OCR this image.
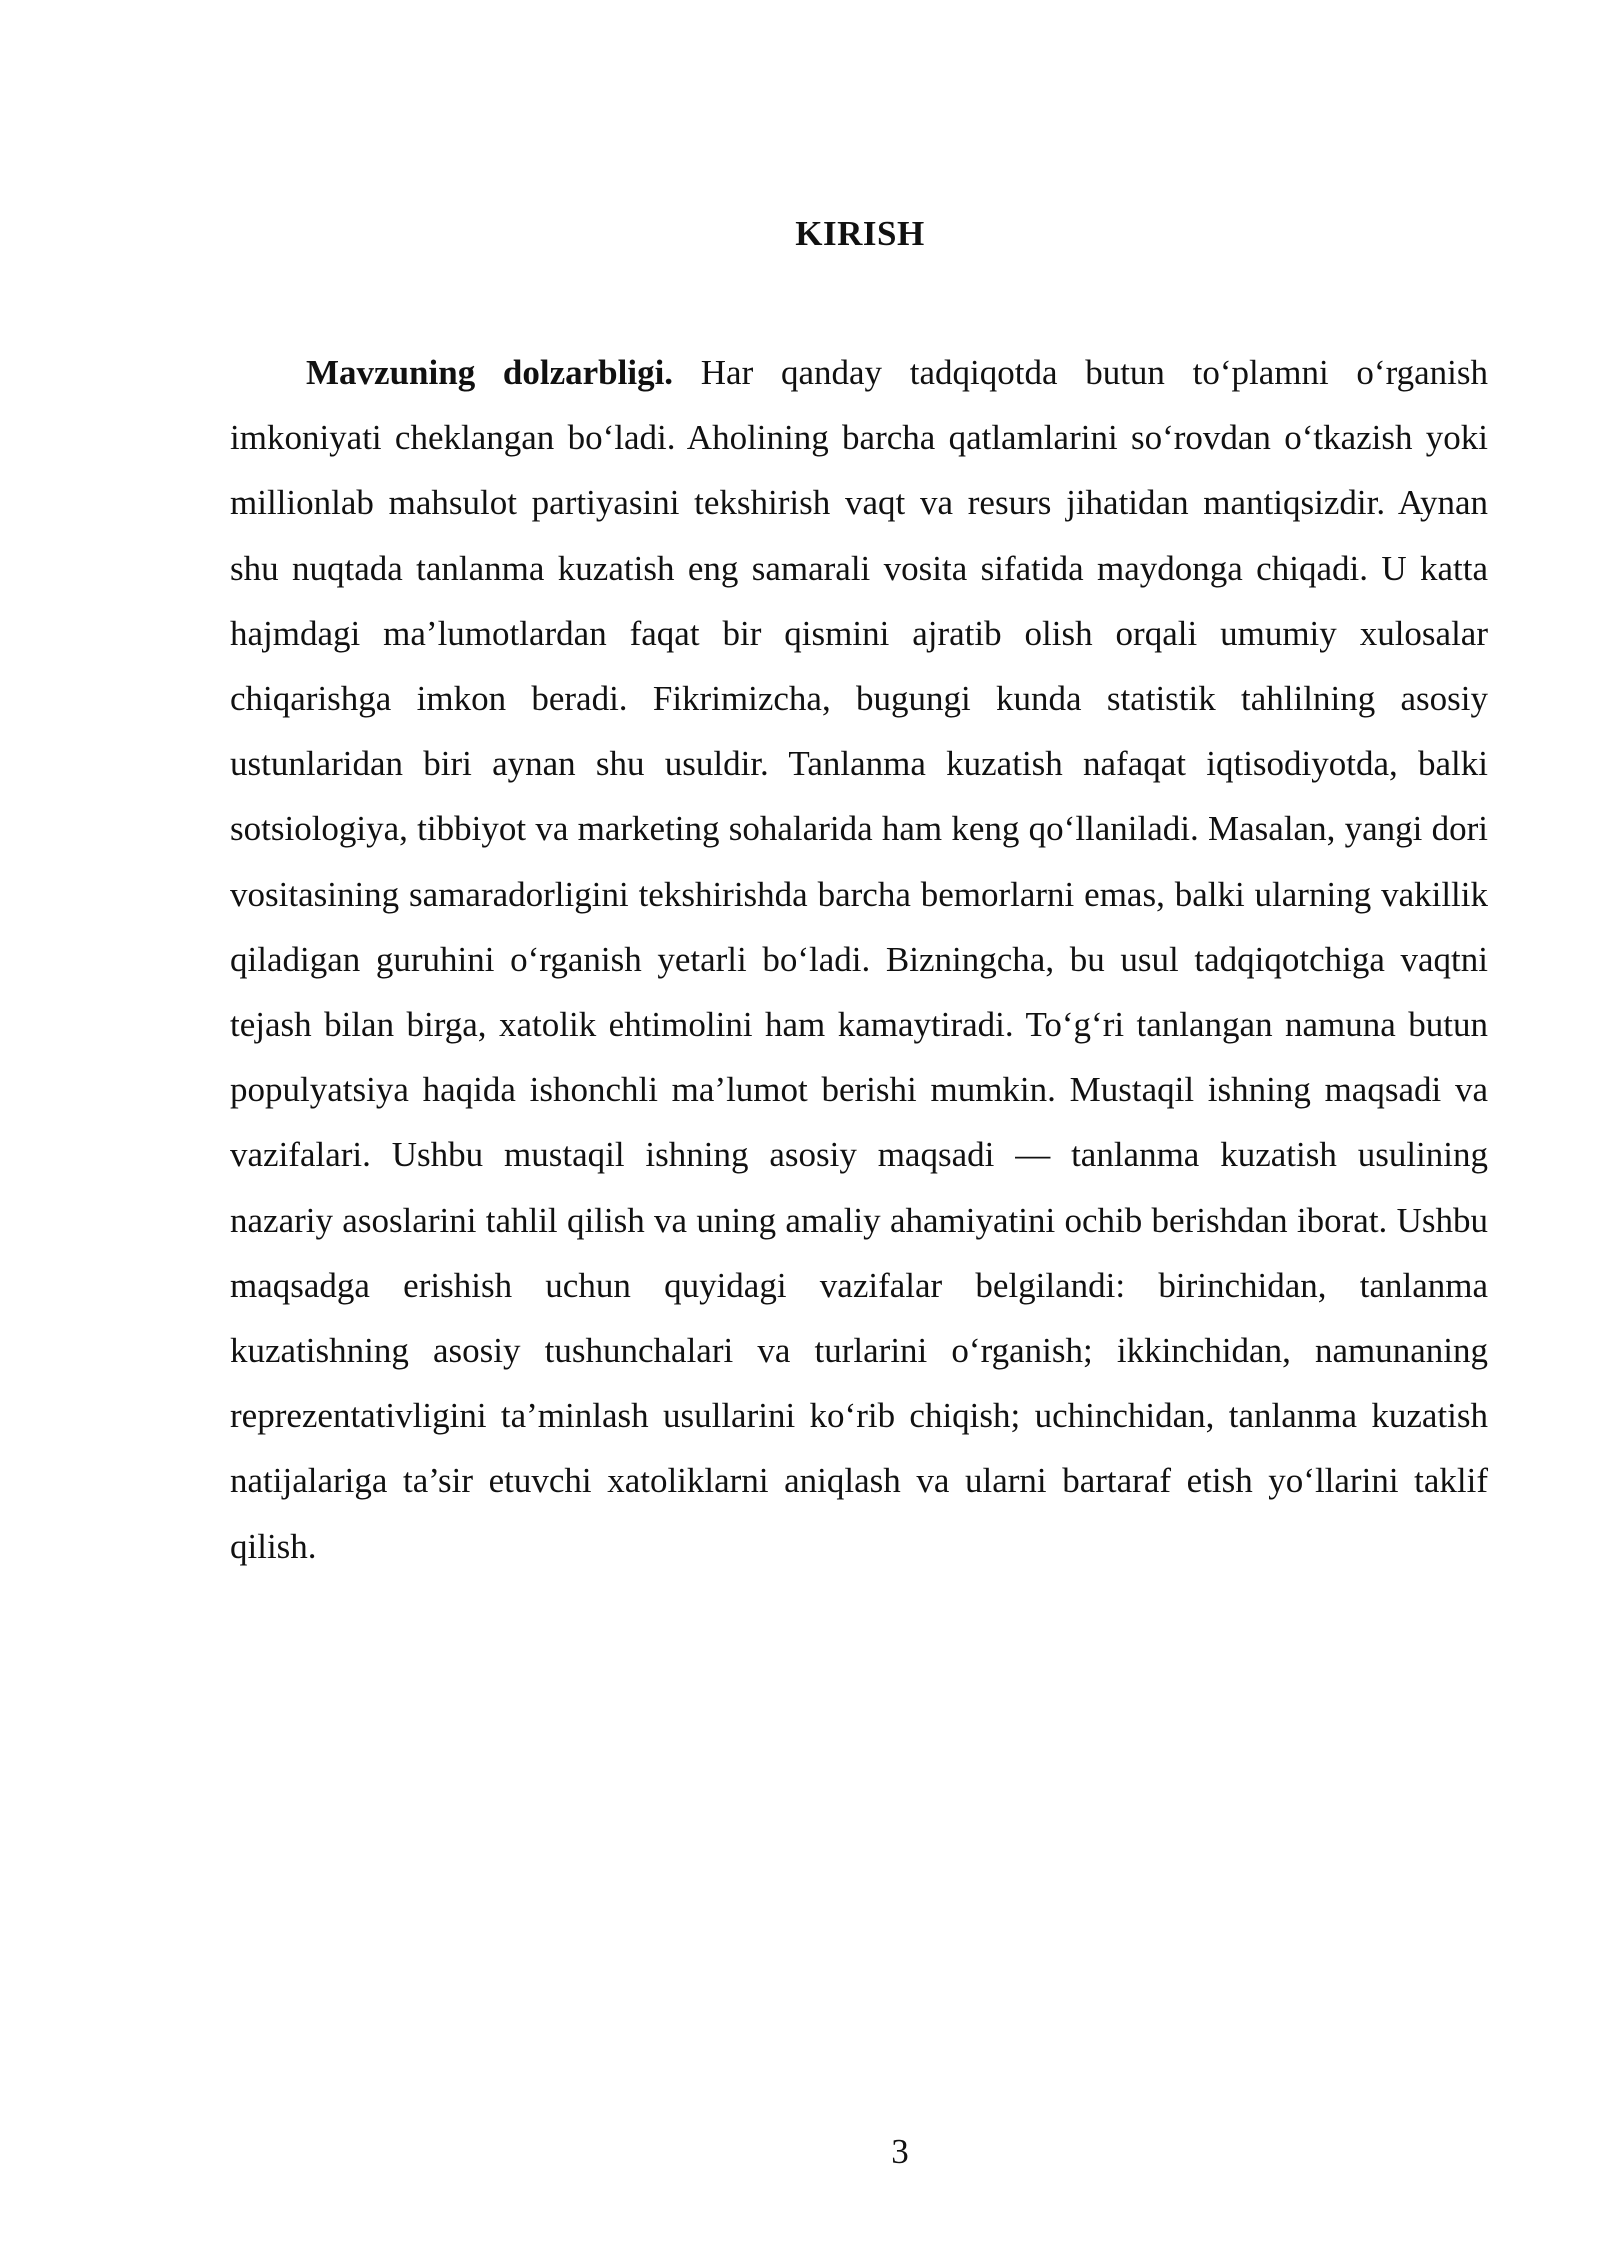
KIRISH

Mavzuning dolzarbligi. Har qanday tadqiqotda butun to‘plamni o‘rganish imkoniyati cheklangan bo‘ladi. Aholining barcha qatlamlarini so‘rovdan o‘tkazish yoki millionlab mahsulot partiyasini tekshirish vaqt va resurs jihatidan mantiqsizdir. Aynan shu nuqtada tanlanma kuzatish eng samarali vosita sifatida maydonga chiqadi. U katta hajmdagi ma’lumotlardan faqat bir qismini ajratib olish orqali umumiy xulosalar chiqarishga imkon beradi. Fikrimizcha, bugungi kunda statistik tahlilning asosiy ustunlaridan biri aynan shu usuldir. Tanlanma kuzatish nafaqat iqtisodiyotda, balki sotsiologiya, tibbiyot va marketing sohalarida ham keng qo‘llaniladi. Masalan, yangi dori vositasining samaradorligini tekshirishda barcha bemorlarni emas, balki ularning vakillik qiladigan guruhini o‘rganish yetarli bo‘ladi. Bizningcha, bu usul tadqiqotchiga vaqtni tejash bilan birga, xatolik ehtimolini ham kamaytiradi. To‘g‘ri tanlangan namuna butun populyatsiya haqida ishonchli ma’lumot berishi mumkin. Mustaqil ishning maqsadi va vazifalari. Ushbu mustaqil ishning asosiy maqsadi — tanlanma kuzatish usulining nazariy asoslarini tahlil qilish va uning amaliy ahamiyatini ochib berishdan iborat. Ushbu maqsadga erishish uchun quyidagi vazifalar belgilandi: birinchidan, tanlanma kuzatishning asosiy tushunchalari va turlarini o‘rganish; ikkinchidan, namunaning reprezentativligini ta’minlash usullarini ko‘rib chiqish; uchinchidan, tanlanma kuzatish natijalariga ta’sir etuvchi xatoliklarni aniqlash va ularni bartaraf etish yo‘llarini taklif qilish.

3
